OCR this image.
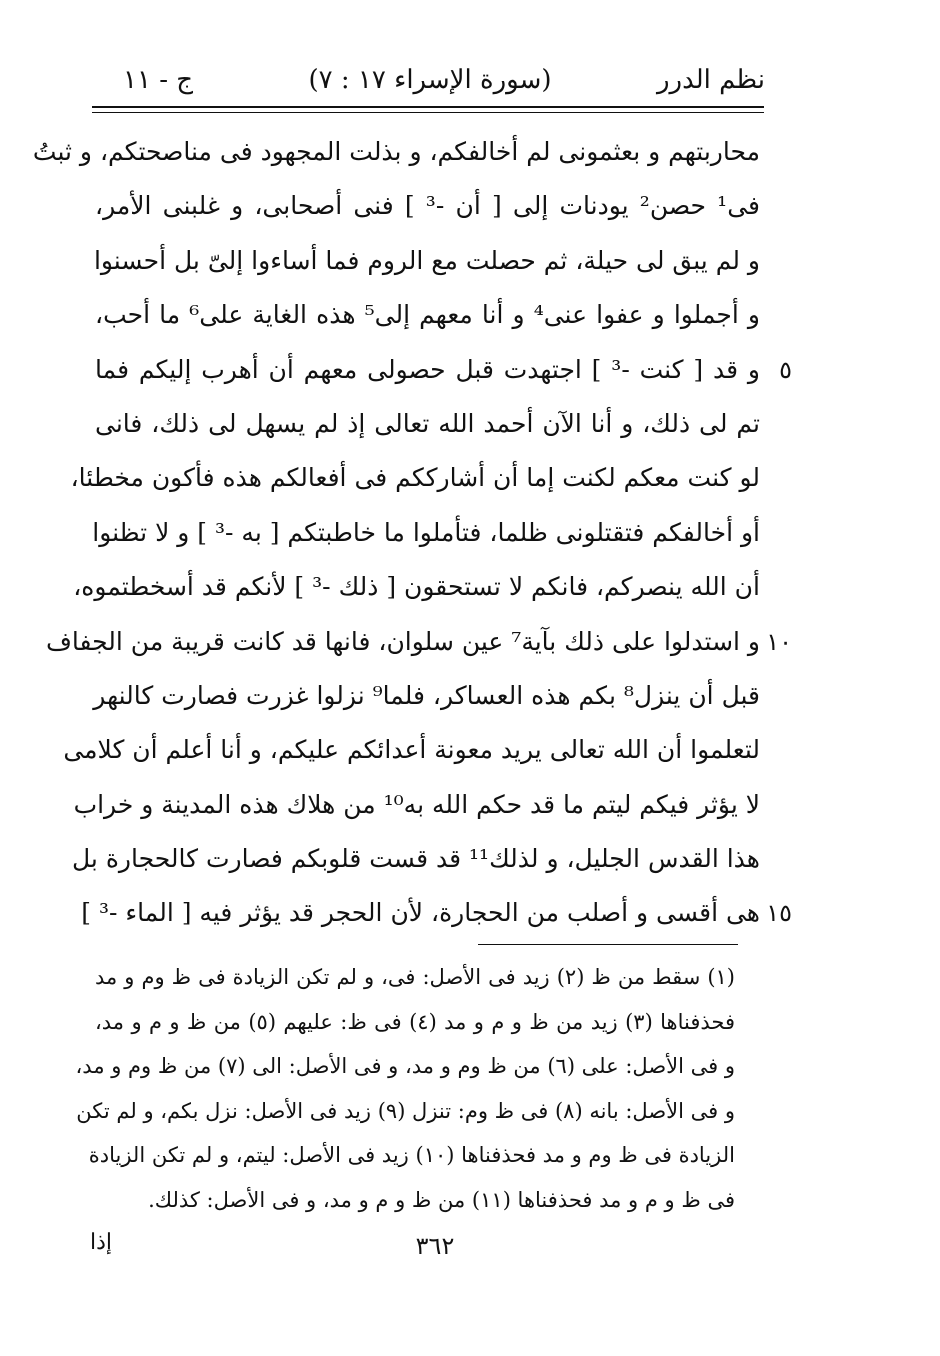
نظم الدرر
(سورة الإسراء ١٧ : ٧)
ج - ١١
محاربتهم و بعثمونى لم أخالفكم، و بذلت المجهود فى مناصحتكم، و ثبتُ
فى¹ حصن² يودنات إلى [ أن -³ ] فنى أصحابى، و غلبنى الأمر،
و لم يبق لى حيلة، ثم حصلت مع الروم فما أساءوا إلىّ بل أحسنوا
و أجملوا و عفوا عنى⁴ و أنا معهم إلى⁵ هذه الغاية على⁶ ما أحب،
و قد [ كنت -³ ] اجتهدت قبل حصولى معهم أن أهرب إليكم فما ٥
تم لى ذلك، و أنا الآن أحمد الله تعالى إذ لم يسهل لى ذلك، فانى
لو كنت معكم لكنت إما أن أشارككم فى أفعالكم هذه فأكون مخطئا،
أو أخالفكم فتقتلونى ظلما، فتأملوا ما خاطبتكم [ به -³ ] و لا تظنوا
أن الله ينصركم، فانكم لا تستحقون [ ذلك -³ ] لأنكم قد أسخطتموه،
و استدلوا على ذلك بآية⁷ عين سلوان، فانها قد كانت قريبة من الجفاف ١٠
قبل أن ينزل⁸ بكم هذه العساكر، فلما⁹ نزلوا غزرت فصارت كالنهر
لتعلموا أن الله تعالى يريد معونة أعدائكم عليكم، و أنا أعلم أن كلامى
لا يؤثر فيكم ليتم ما قد حكم الله به¹⁰ من هلاك هذه المدينة و خراب
هذا القدس الجليل، و لذلك¹¹ قد قست قلوبكم فصارت كالحجارة بل
هى أقسى و أصلب من الحجارة، لأن الحجر قد يؤثر فيه [ الماء -³ ] ١٥
(١) سقط من ظ (٢) زيد فى الأصل: فى، و لم تكن الزيادة فى ظ وم و مد
فحذفناها (٣) زيد من ظ و م و مد (٤) فى ظ: عليهم (٥) من ظ و م و مد،
و فى الأصل: على (٦) من ظ وم و مد، و فى الأصل: الى (٧) من ظ وم و مد،
و فى الأصل: بانه (٨) فى ظ وم: تنزل (٩) زيد فى الأصل: نزل بكم، و لم تكن
الزيادة فى ظ وم و مد فحذفناها (١٠) زيد فى الأصل: ليتم، و لم تكن الزيادة
فى ظ و م و مد فحذفناها (١١) من ظ و م و مد، و فى الأصل: كذلك.
٣٦٢
إذا
